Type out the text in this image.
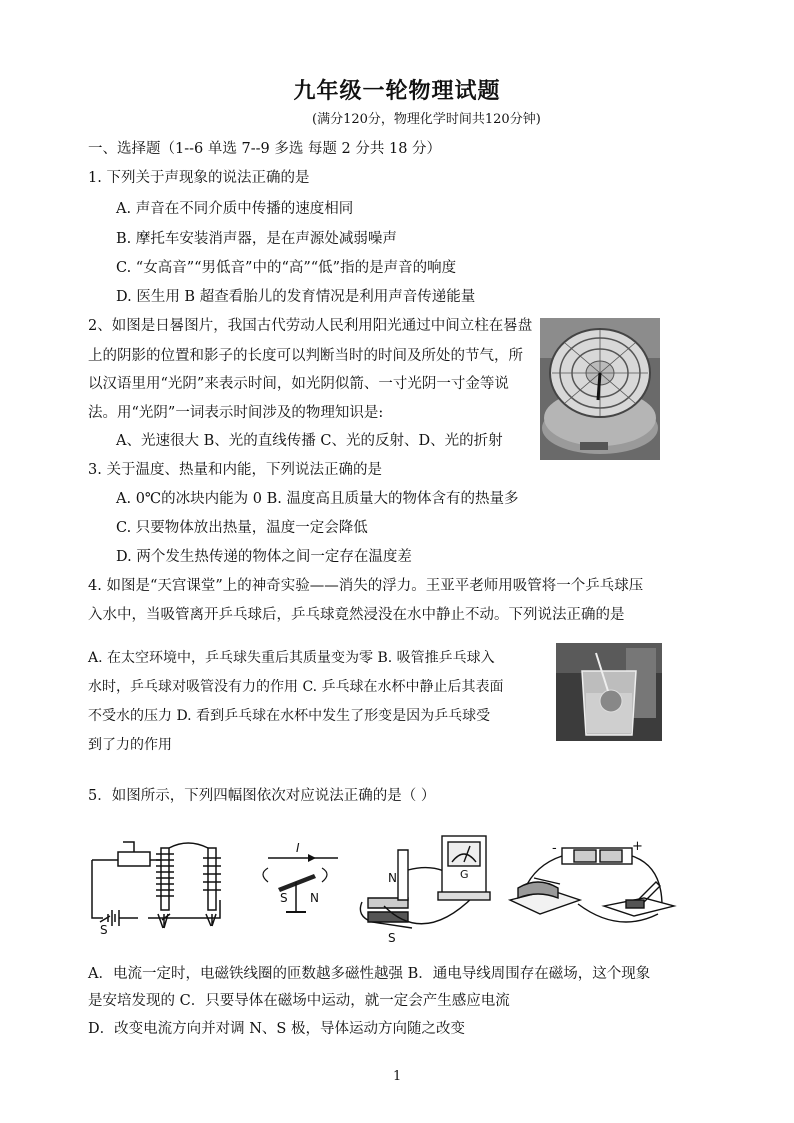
九年级一轮物理试题
(满分120分，物理化学时间共120分钟)
一、选择题（1--6 单选 7--9 多选 每题 2 分共 18 分）
1. 下列关于声现象的说法正确的是
A. 声音在不同介质中传播的速度相同
B. 摩托车安装消声器，是在声源处减弱噪声
C. “女高音”“男低音”中的“高”“低”指的是声音的响度
D. 医生用 B 超查看胎儿的发育情况是利用声音传递能量
2、如图是日晷图片，我国古代劳动人民利用阳光通过中间立柱在晷盘
上的阴影的位置和影子的长度可以判断当时的时间及所处的节气，所
以汉语里用“光阴”来表示时间，如光阴似箭、一寸光阴一寸金等说
法。用“光阴”一词表示时间涉及的物理知识是:
A、光速很大 B、光的直线传播 C、光的反射、D、光的折射
3. 关于温度、热量和内能，下列说法正确的是
A. 0℃的冰块内能为 0 B. 温度高且质量大的物体含有的热量多
C. 只要物体放出热量，温度一定会降低
D. 两个发生热传递的物体之间一定存在温度差
4. 如图是“天宫课堂”上的神奇实验——消失的浮力。王亚平老师用吸管将一个乒乓球压
入水中，当吸管离开乒乓球后，乒乓球竟然浸没在水中静止不动。下列说法正确的是
A. 在太空环境中，乒乓球失重后其质量变为零 B. 吸管推乒乓球入
水时，乒乓球对吸管没有力的作用 C. 乒乓球在水杯中静止后其表面
不受水的压力 D. 看到乒乓球在水杯中发生了形变是因为乒乓球受
到了力的作用
5．如图所示，下列四幅图依次对应说法正确的是（ ）
S
I
S N
N
S
G
-	+
A．电流一定时，电磁铁线圈的匝数越多磁性越强 B．通电导线周围存在磁场，这个现象
是安培发现的 C．只要导体在磁场中运动，就一定会产生感应电流
D．改变电流方向并对调 N、S 极，导体运动方向随之改变
1
